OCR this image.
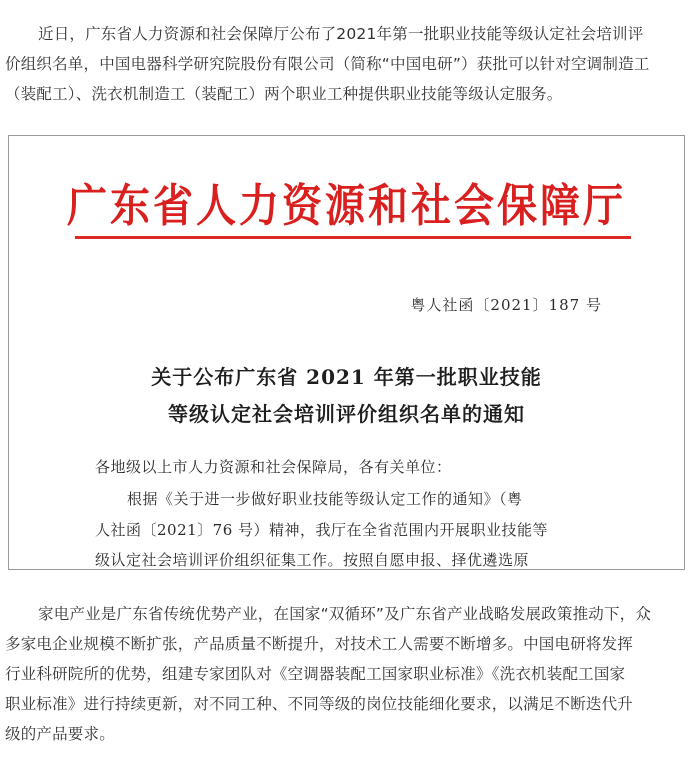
近日，广东省人力资源和社会保障厅公布了2021年第一批职业技能等级认定社会培训评
价组织名单，中国电器科学研究院股份有限公司（简称“中国电研”）获批可以针对空调制造工
（装配工）、洗衣机制造工（装配工）两个职业工种提供职业技能等级认定服务。
广东省人力资源和社会保障厅
粤人社函〔2021〕187 号
关于公布广东省 2021 年第一批职业技能
等级认定社会培训评价组织名单的通知
各地级以上市人力资源和社会保障局，各有关单位：
根据《关于进一步做好职业技能等级认定工作的通知》（粤
人社函〔2021〕76 号）精神，我厅在全省范围内开展职业技能等
级认定社会培训评价组织征集工作。按照自愿申报、择优遴选原
家电产业是广东省传统优势产业，在国家“双循环”及广东省产业战略发展政策推动下，众
多家电企业规模不断扩张，产品质量不断提升，对技术工人需要不断增多。中国电研将发挥
行业科研院所的优势，组建专家团队对《空调器装配工国家职业标准》《洗衣机装配工国家
职业标准》进行持续更新，对不同工种、不同等级的岗位技能细化要求，以满足不断迭代升
级的产品要求。
